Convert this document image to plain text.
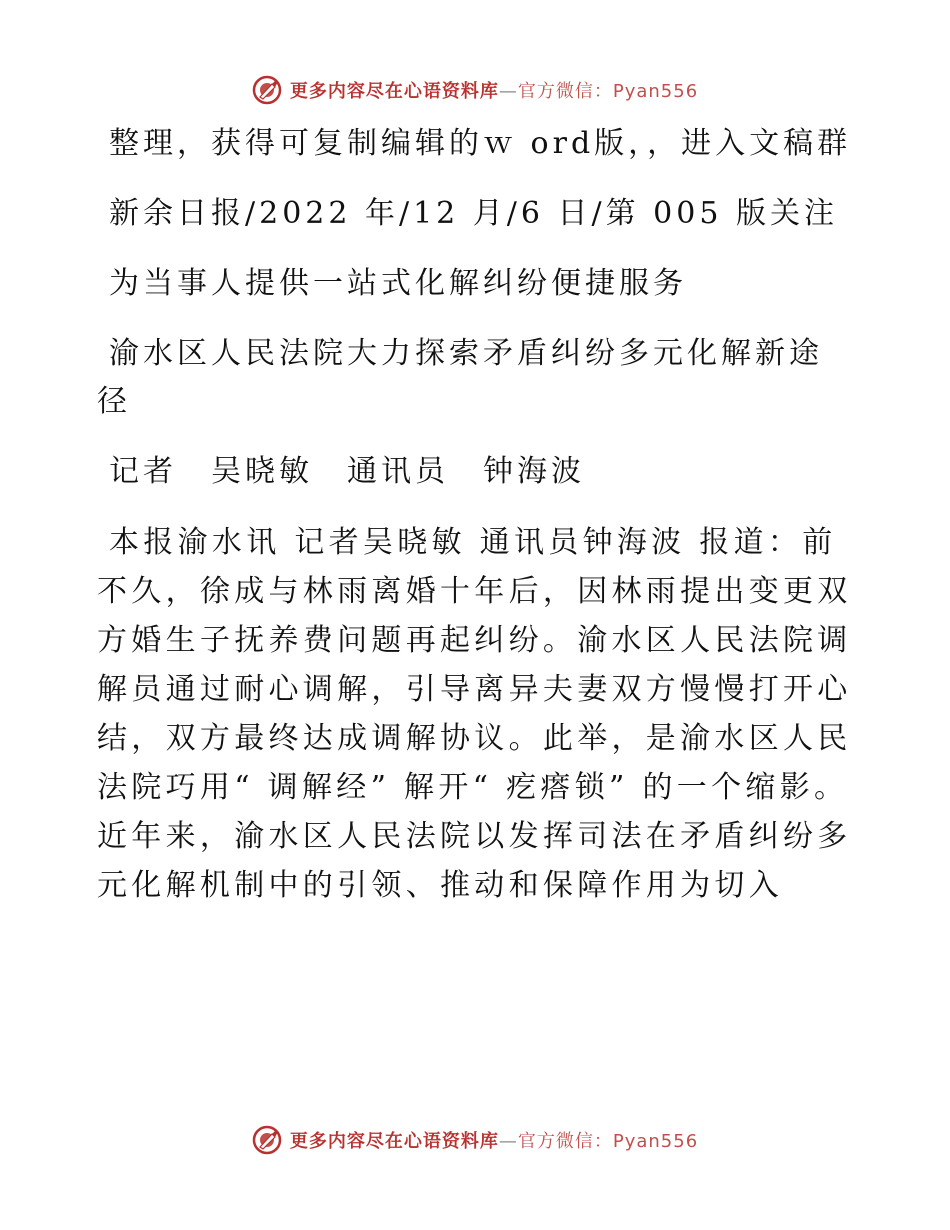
更多内容尽在心语资料库—官方微信：Pyan556

整理，获得可复制编辑的ｗ ord版，，进入文稿群

新余日报/2022 年/12 月/6 日/第 005 版关注

为当事人提供一站式化解纠纷便捷服务

渝水区人民法院大力探索矛盾纠纷多元化解新途径

记者　吴晓敏　通讯员　钟海波

本报渝水讯 记者吴晓敏 通讯员钟海波 报道：前不久，徐成与林雨离婚十年后，因林雨提出变更双方婚生子抚养费问题再起纠纷。渝水区人民法院调解员通过耐心调解，引导离异夫妻双方慢慢打开心结，双方最终达成调解协议。此举，是渝水区人民法院巧用“ 调解经” 解开“ 疙瘩锁” 的一个缩影。近年来，渝水区人民法院以发挥司法在矛盾纠纷多元化解机制中的引领、推动和保障作用为切入

更多内容尽在心语资料库—官方微信：Pyan556
